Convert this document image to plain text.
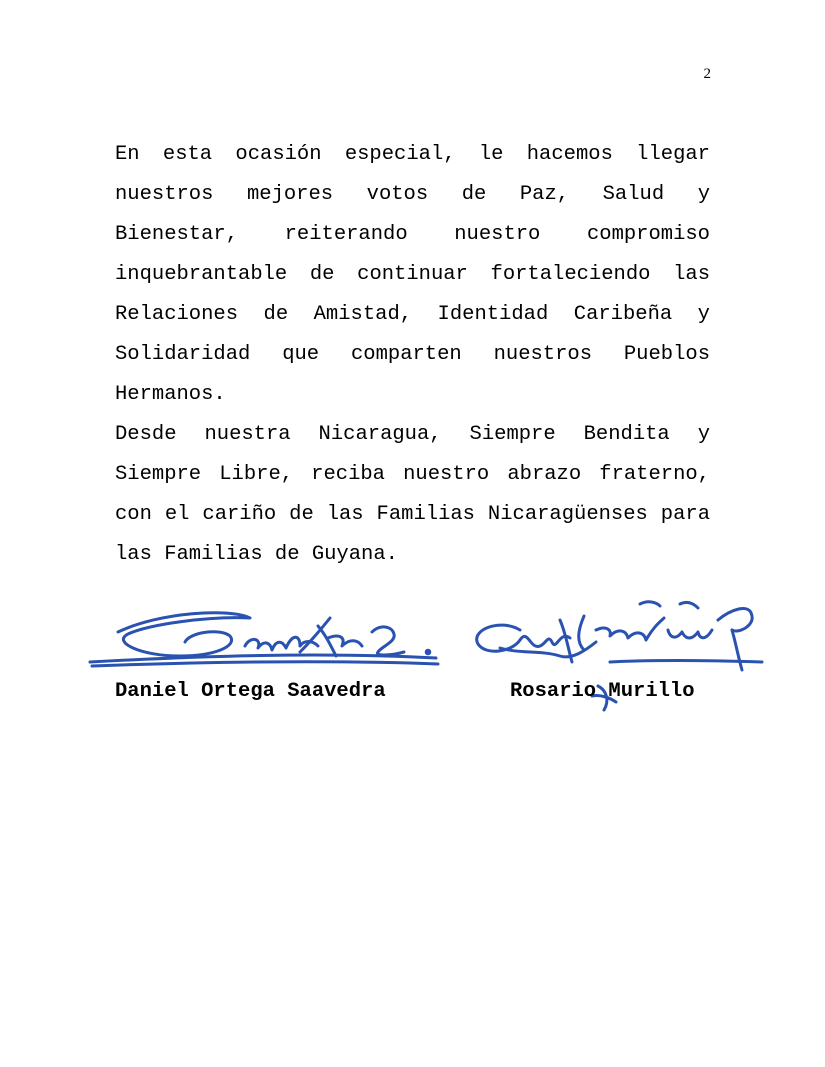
2

En esta ocasión especial, le hacemos llegar nuestros mejores votos de Paz, Salud y Bienestar, reiterando nuestro compromiso inquebrantable de continuar fortaleciendo las Relaciones de Amistad, Identidad Caribeña y Solidaridad que comparten nuestros Pueblos Hermanos.

Desde nuestra Nicaragua, Siempre Bendita y Siempre Libre, reciba nuestro abrazo fraterno, con el cariño de las Familias Nicaragüenses para las Familias de Guyana.

Daniel Ortega Saavedra	Rosario Murillo
